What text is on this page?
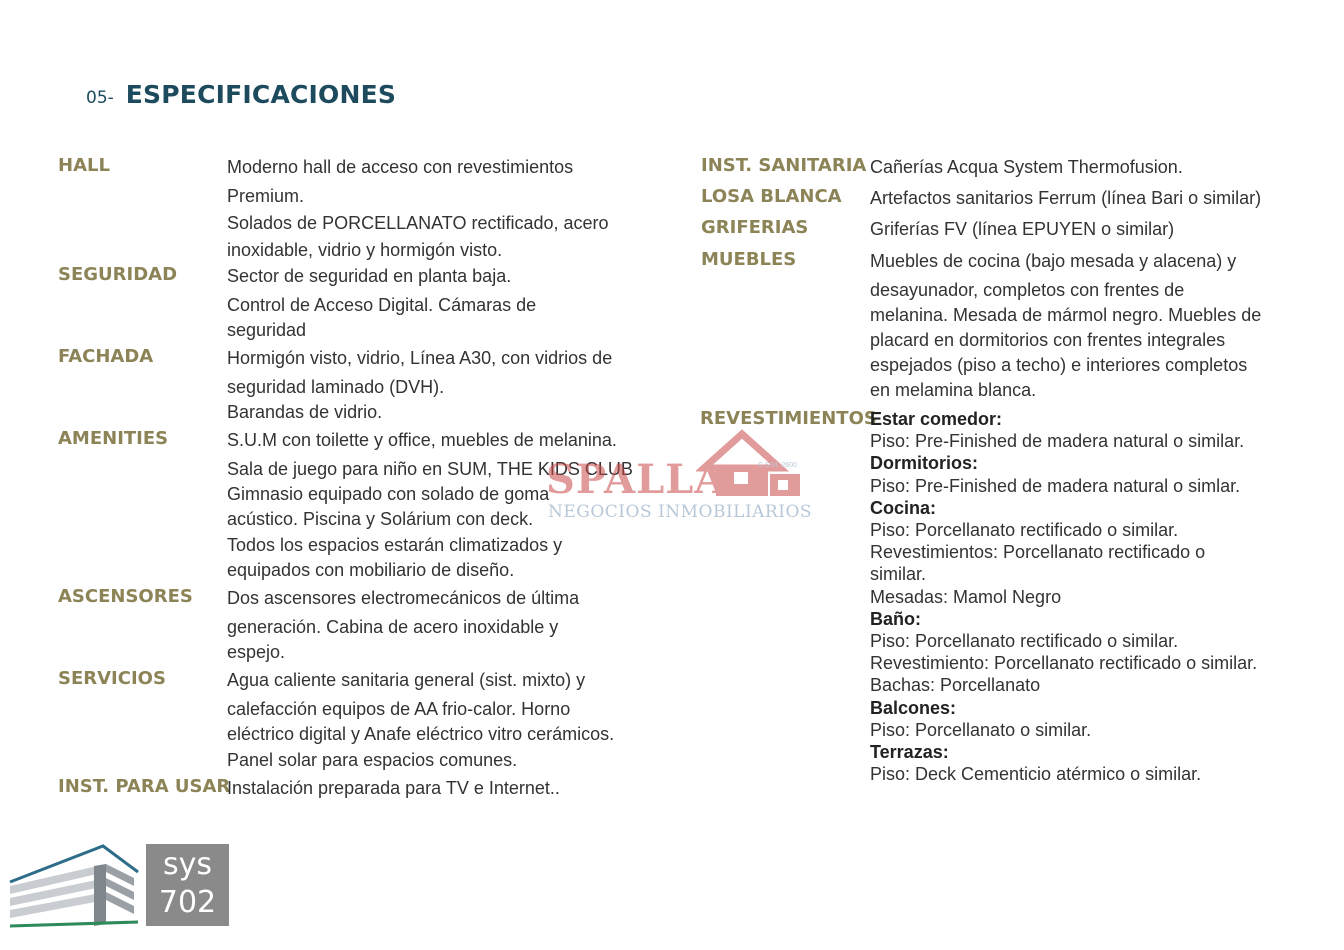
05- ESPECIFICACIONES
HALL	Moderno hall de acceso con revestimientos
Premium.
Solados de PORCELLANATO rectificado, acero
inoxidable, vidrio y hormigón visto.
SEGURIDAD	Sector de seguridad en planta baja.
Control de Acceso Digital. Cámaras de
seguridad
FACHADA	Hormigón visto, vidrio, Línea A30, con vidrios de
seguridad laminado (DVH).
Barandas de vidrio.
AMENITIES	S.U.M con toilette y office, muebles de melanina.
Sala de juego para niño en SUM, THE KIDS CLUB
Gimnasio equipado con solado de goma
acústico. Piscina y Solárium con deck.
Todos los espacios estarán climatizados y
equipados con mobiliario de diseño.
ASCENSORES Dos ascensores electromecánicos de última
generación. Cabina de acero inoxidable y
espejo.
SERVICIOS	Agua caliente sanitaria general (sist. mixto) y
calefacción equipos de AA frio-calor. Horno
eléctrico digital y Anafe eléctrico vitro cerámicos.
Panel solar para espacios comunes.
INST. PARA USAR
Instalación preparada para TV e Internet..
INST. SANITARIA Cañerías Acqua System Thermofusion.
LOSA BLANCA Artefactos sanitarios Ferrum (línea Bari o similar)
GRIFERIAS	Griferías FV (línea EPUYEN o similar)
MUEBLES	Muebles de cocina (bajo mesada y alacena) y
desayunador, completos con frentes de
melanina. Mesada de mármol negro. Muebles de
placard en dormitorios con frentes integrales
espejados (piso a techo) e interiores completos
en melamina blanca.
REVESTIMIENTOS
Estar comedor:
Piso: Pre-Finished de madera natural o similar.
Dormitorios:
Piso: Pre-Finished de madera natural o simlar.
Cocina:
Piso: Porcellanato rectificado o similar.
Revestimientos: Porcellanato rectificado o
similar.
Mesadas: Mamol Negro
Baño:
Piso: Porcellanato rectificado o similar.
Revestimiento: Porcellanato rectificado o similar.
Bachas: Porcellanato
Balcones:
Piso: Porcellanato o similar.
Terrazas:
Piso: Deck Cementicio atérmico o similar.
SPALLA	C.S.M. 2600
NEGOCIOS INMOBILIARIOS
sys
702
